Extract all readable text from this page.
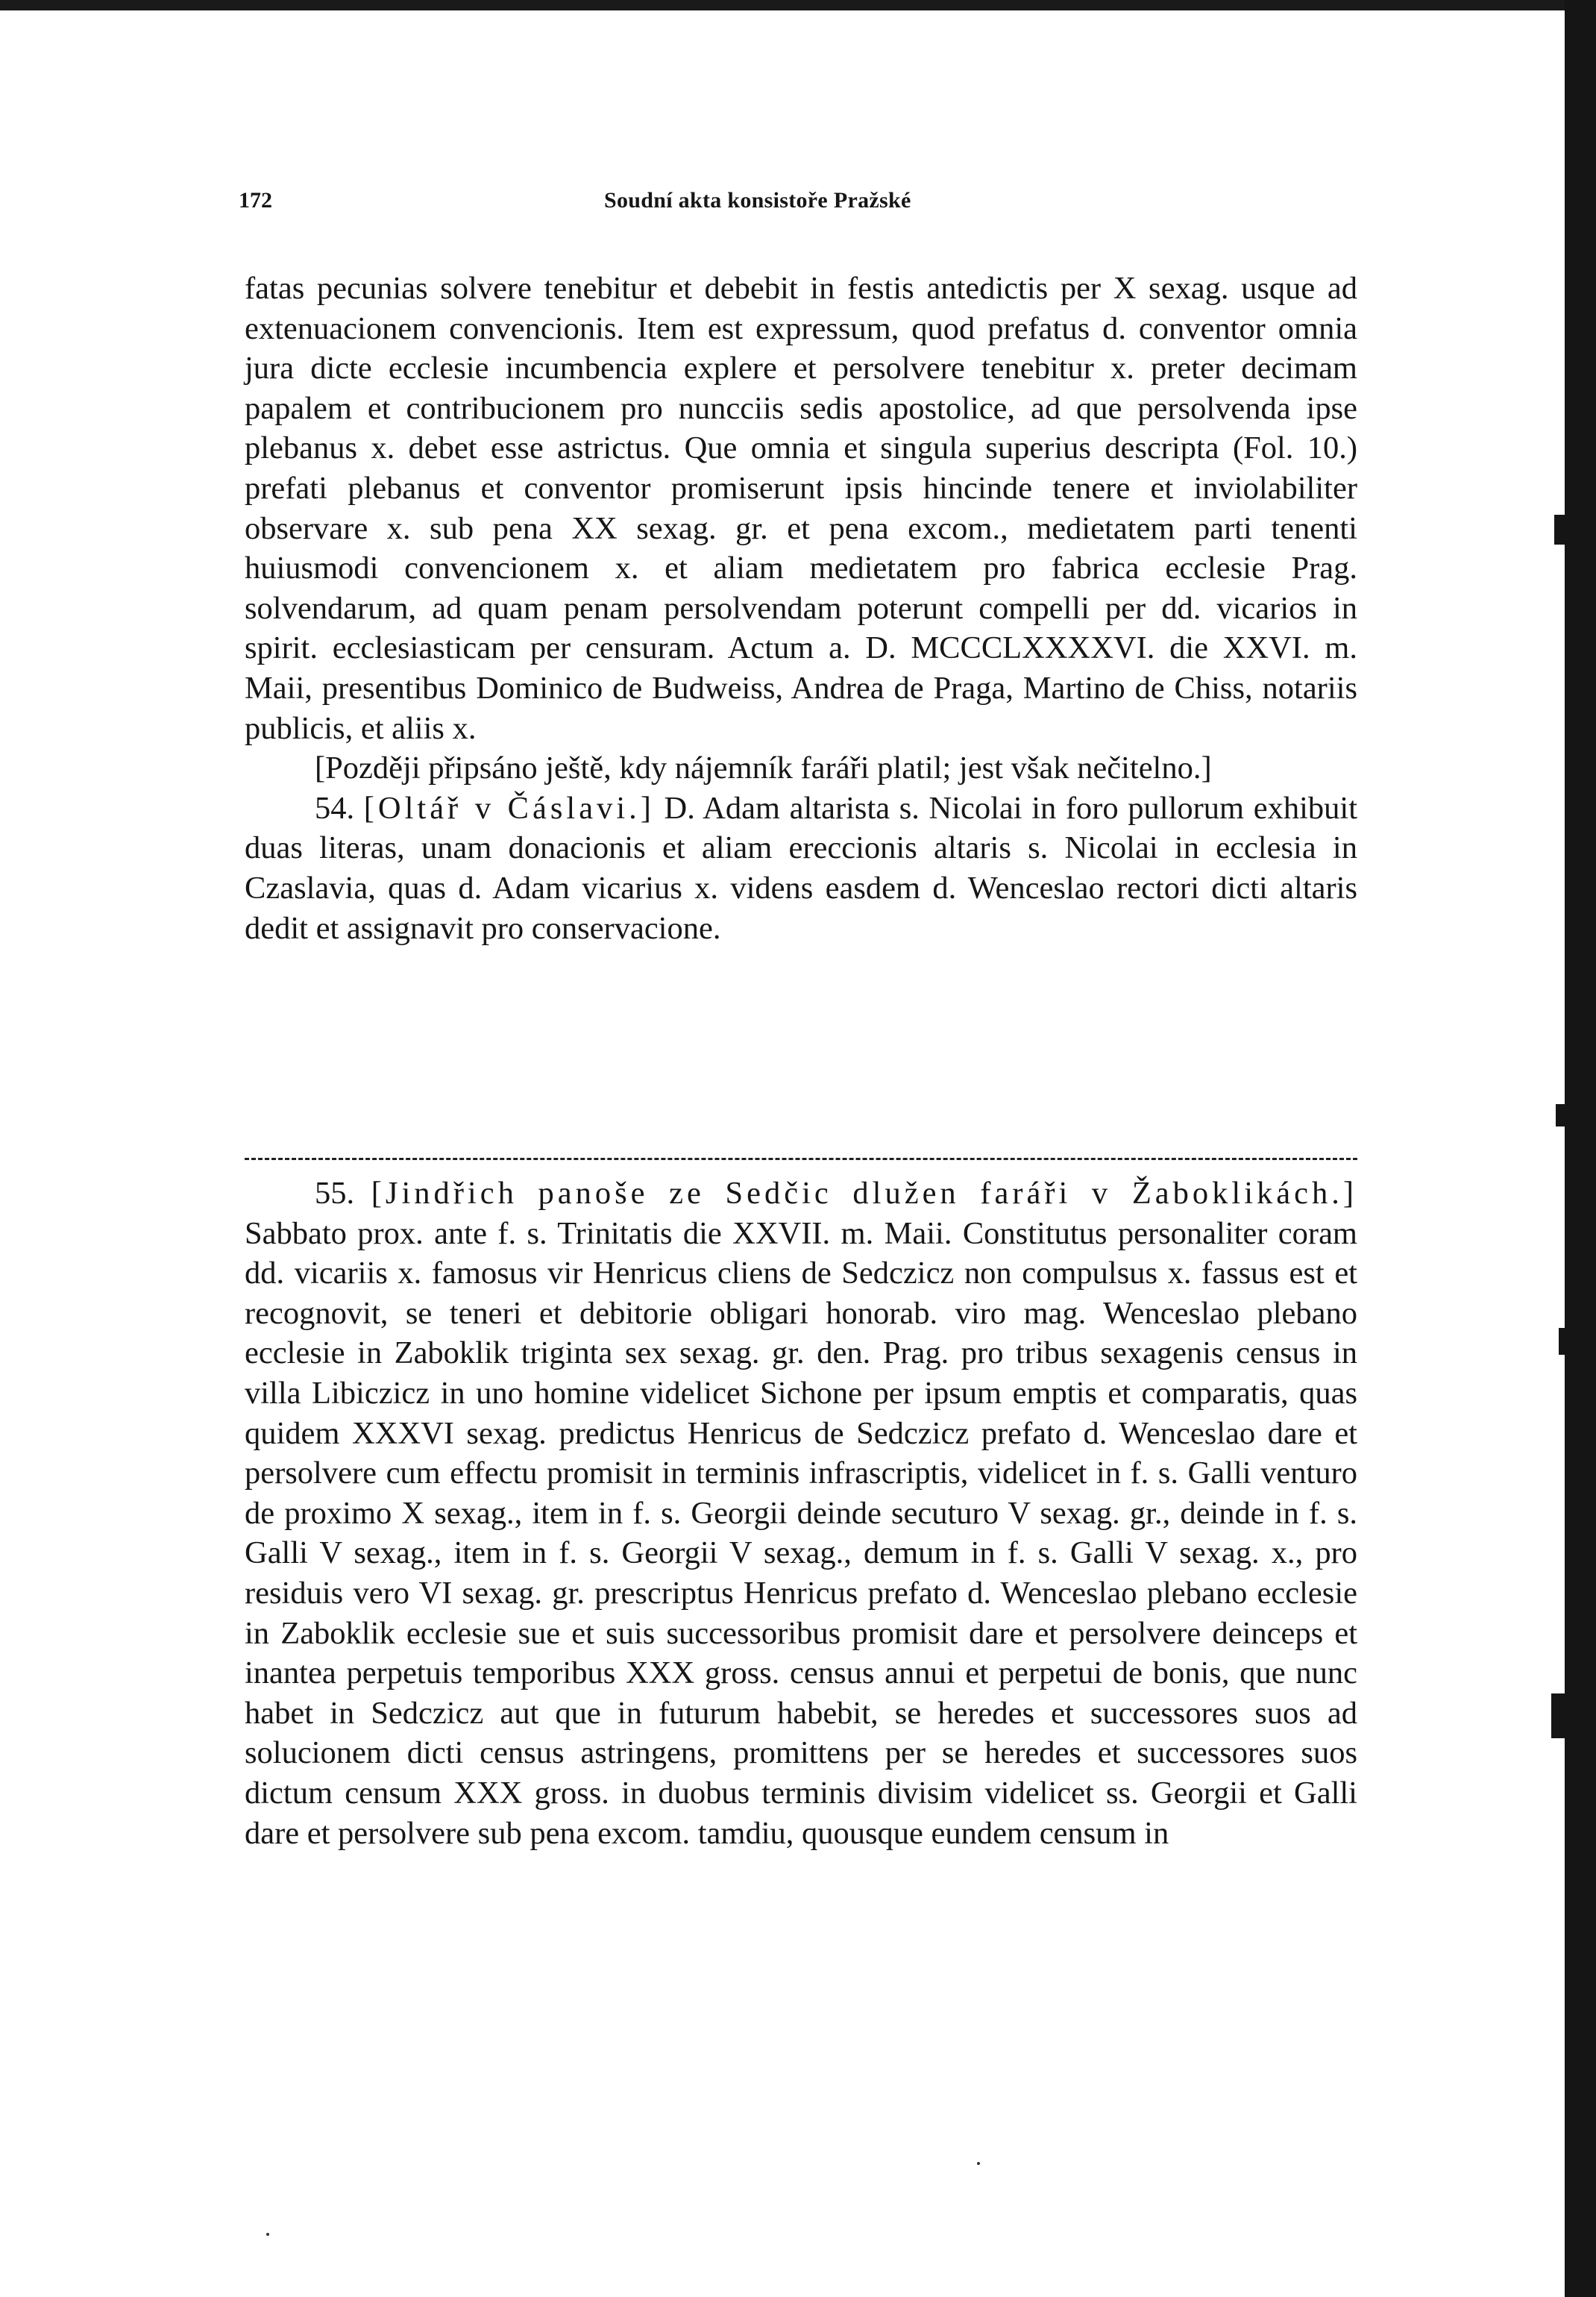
172	Soudní akta konsistoře Pražské

fatas pecunias solvere tenebitur et debebit in festis antedictis per X sexag. usque ad extenuacionem convencionis. Item est expressum, quod prefatus d. conventor omnia jura dicte ecclesie incumbencia explere et persolvere tenebitur x. preter decimam papalem et contribucionem pro nuncciis sedis apostolice, ad que persolvenda ipse plebanus x. debet esse astrictus. Que omnia et singula superius descripta (Fol. 10.) prefati plebanus et conventor promiserunt ipsis hincinde tenere et inviolabiliter observare x. sub pena XX sexag. gr. et pena excom., medietatem parti tenenti huiusmodi convencionem x. et aliam medietatem pro fabrica ecclesie Prag. solvendarum, ad quam penam persolvendam poterunt compelli per dd. vicarios in spirit. ecclesiasticam per censuram. Actum a. D. MCCCLXXXXVI. die XXVI. m. Maii, presentibus Dominico de Budweiss, Andrea de Praga, Martino de Chiss, notariis publicis, et aliis x.

[Později připsáno ještě, kdy nájemník faráři platil; jest však nečitelno.]

54. [Oltář v Čáslavi.] D. Adam altarista s. Nicolai in foro pullorum exhibuit duas literas, unam donacionis et aliam ereccionis altaris s. Nicolai in ecclesia in Czaslavia, quas d. Adam vicarius x. videns easdem d. Wenceslao rectori dicti altaris dedit et assignavit pro conservacione.

55. [Jindřich panoše ze Sedčic dlužen faráři v Žaboklikách.] Sabbato prox. ante f. s. Trinitatis die XXVII. m. Maii. Constitutus personaliter coram dd. vicariis x. famosus vir Henricus cliens de Sedczicz non compulsus x. fassus est et recognovit, se teneri et debitorie obligari honorab. viro mag. Wenceslao plebano ecclesie in Zaboklik triginta sex sexag. gr. den. Prag. pro tribus sexagenis census in villa Libiczicz in uno homine videlicet Sichone per ipsum emptis et comparatis, quas quidem XXXVI sexag. predictus Henricus de Sedczicz prefato d. Wenceslao dare et persolvere cum effectu promisit in terminis infrascriptis, videlicet in f. s. Galli venturo de proximo X sexag., item in f. s. Georgii deinde secuturo V sexag. gr., deinde in f. s. Galli V sexag., item in f. s. Georgii V sexag., demum in f. s. Galli V sexag. x., pro residuis vero VI sexag. gr. prescriptus Henricus prefato d. Wenceslao plebano ecclesie in Zaboklik ecclesie sue et suis successoribus promisit dare et persolvere deinceps et inantea perpetuis temporibus XXX gross. census annui et perpetui de bonis, que nunc habet in Sedczicz aut que in futurum habebit, se heredes et successores suos ad solucionem dicti census astringens, promittens per se heredes et successores suos dictum censum XXX gross. in duobus terminis divisim videlicet ss. Georgii et Galli dare et persolvere sub pena excom. tamdiu, quousque eundem censum in
